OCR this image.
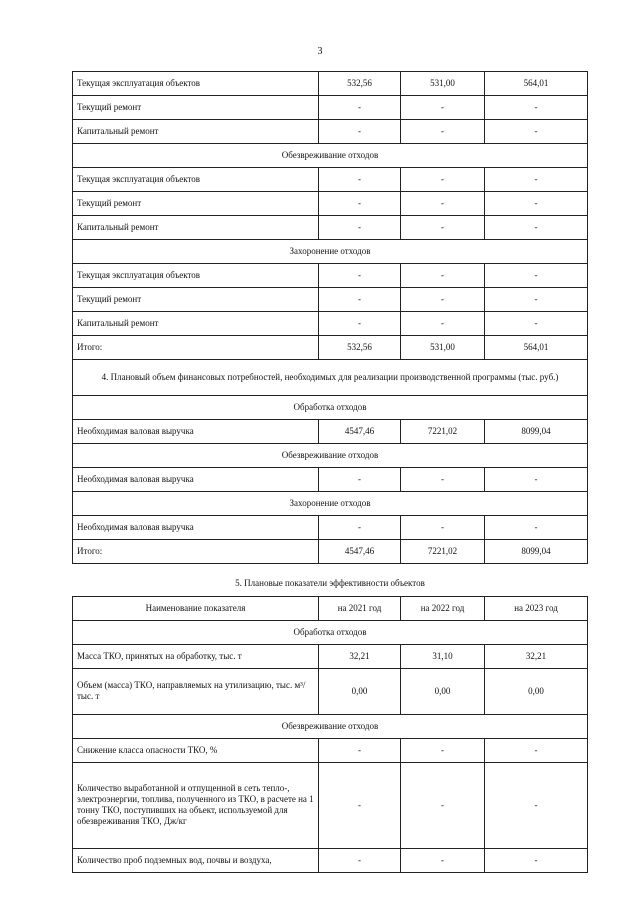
3
Текущая эксплуатация объектов	532,56	531,00	564,01
Текущий ремонт	-	-	-
Капитальный ремонт	-	-	-
Обезвреживание отходов			
Текущая эксплуатация объектов	-	-	-
Текущий ремонт	-	-	-
Капитальный ремонт	-	-	-
Захоронение отходов			
Текущая эксплуатация объектов	-	-	-
Текущий ремонт	-	-	-
Капитальный ремонт	-	-	-
Итого:	532,56	531,00	564,01
4. Плановый объем финансовых потребностей, необходимых для реализации производственной программы (тыс. руб.)			
Обработка отходов			
Необходимая валовая выручка	4547,46	7221,02	8099,04
Обезвреживание отходов			
Необходимая валовая выручка	-	-	-
Захоронение отходов			
Необходимая валовая выручка	-	-	-
Итого:	4547,46	7221,02	8099,04
5. Плановые показатели эффективности объектов			
Наименование показателя	на 2021 год	на 2022 год	на 2023 год
Обработка отходов			
Масса ТКО, принятых на обработку, тыс. т	32,21	31,10	32,21
Объем (масса) ТКО, направляемых на утилизацию, тыс. м³/тыс. т	0,00	0,00	0,00
Обезвреживание отходов			
Снижение класса опасности ТКО, %	-	-	-
Количество выработанной и отпущенной в сеть тепло-, электроэнергии, топлива, полученного из ТКО, в расчете на 1 тонну ТКО, поступивших на объект, используемой для обезвреживания ТКО, Дж/кг	-	-	-
Количество проб подземных вод, почвы и воздуха,	-	-	-
